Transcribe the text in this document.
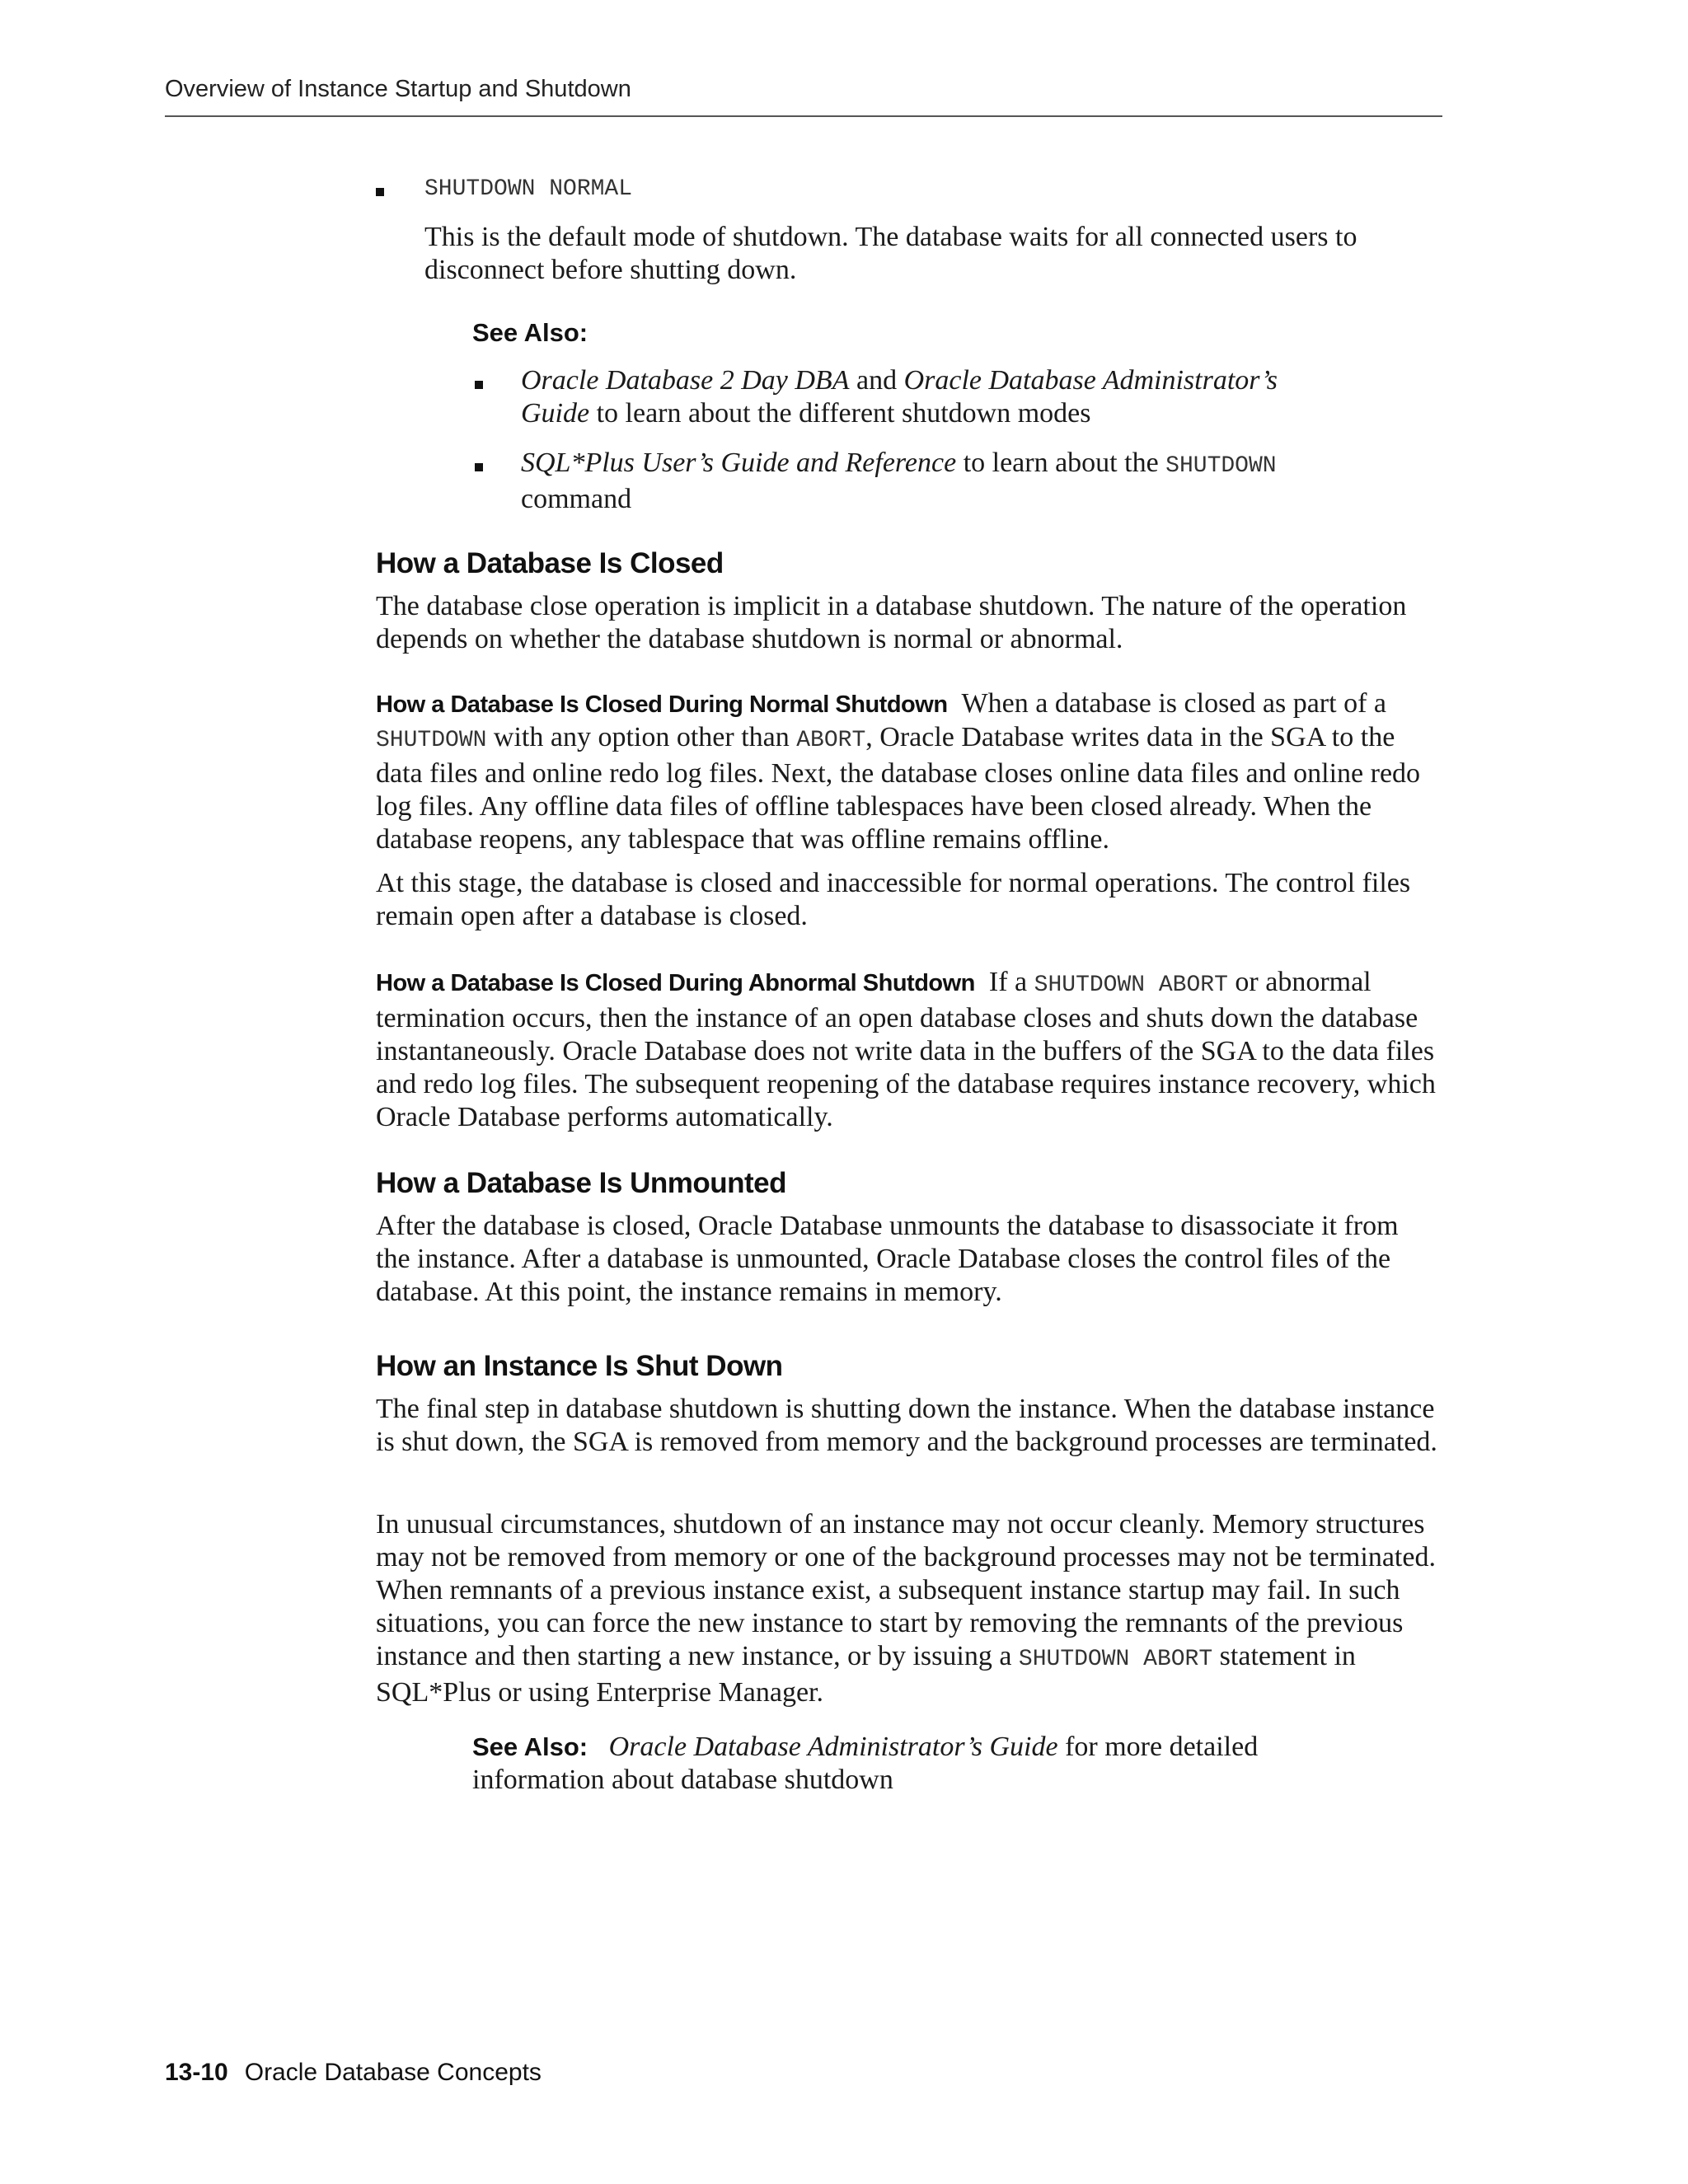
Overview of Instance Startup and Shutdown
SHUTDOWN NORMAL

This is the default mode of shutdown. The database waits for all connected users to disconnect before shutting down.

See Also:

Oracle Database 2 Day DBA and Oracle Database Administrator’s Guide to learn about the different shutdown modes

SQL*Plus User’s Guide and Reference to learn about the SHUTDOWN command

How a Database Is Closed

The database close operation is implicit in a database shutdown. The nature of the operation depends on whether the database shutdown is normal or abnormal.

How a Database Is Closed During Normal Shutdown When a database is closed as part of a SHUTDOWN with any option other than ABORT, Oracle Database writes data in the SGA to the data files and online redo log files. Next, the database closes online data files and online redo log files. Any offline data files of offline tablespaces have been closed already. When the database reopens, any tablespace that was offline remains offline.

At this stage, the database is closed and inaccessible for normal operations. The control files remain open after a database is closed.

How a Database Is Closed During Abnormal Shutdown If a SHUTDOWN ABORT or abnormal termination occurs, then the instance of an open database closes and shuts down the database instantaneously. Oracle Database does not write data in the buffers of the SGA to the data files and redo log files. The subsequent reopening of the database requires instance recovery, which Oracle Database performs automatically.

How a Database Is Unmounted

After the database is closed, Oracle Database unmounts the database to disassociate it from the instance. After a database is unmounted, Oracle Database closes the control files of the database. At this point, the instance remains in memory.

How an Instance Is Shut Down

The final step in database shutdown is shutting down the instance. When the database instance is shut down, the SGA is removed from memory and the background processes are terminated.

In unusual circumstances, shutdown of an instance may not occur cleanly. Memory structures may not be removed from memory or one of the background processes may not be terminated. When remnants of a previous instance exist, a subsequent instance startup may fail. In such situations, you can force the new instance to start by removing the remnants of the previous instance and then starting a new instance, or by issuing a SHUTDOWN ABORT statement in SQL*Plus or using Enterprise Manager.

See Also: Oracle Database Administrator’s Guide for more detailed information about database shutdown

13-10 Oracle Database Concepts
